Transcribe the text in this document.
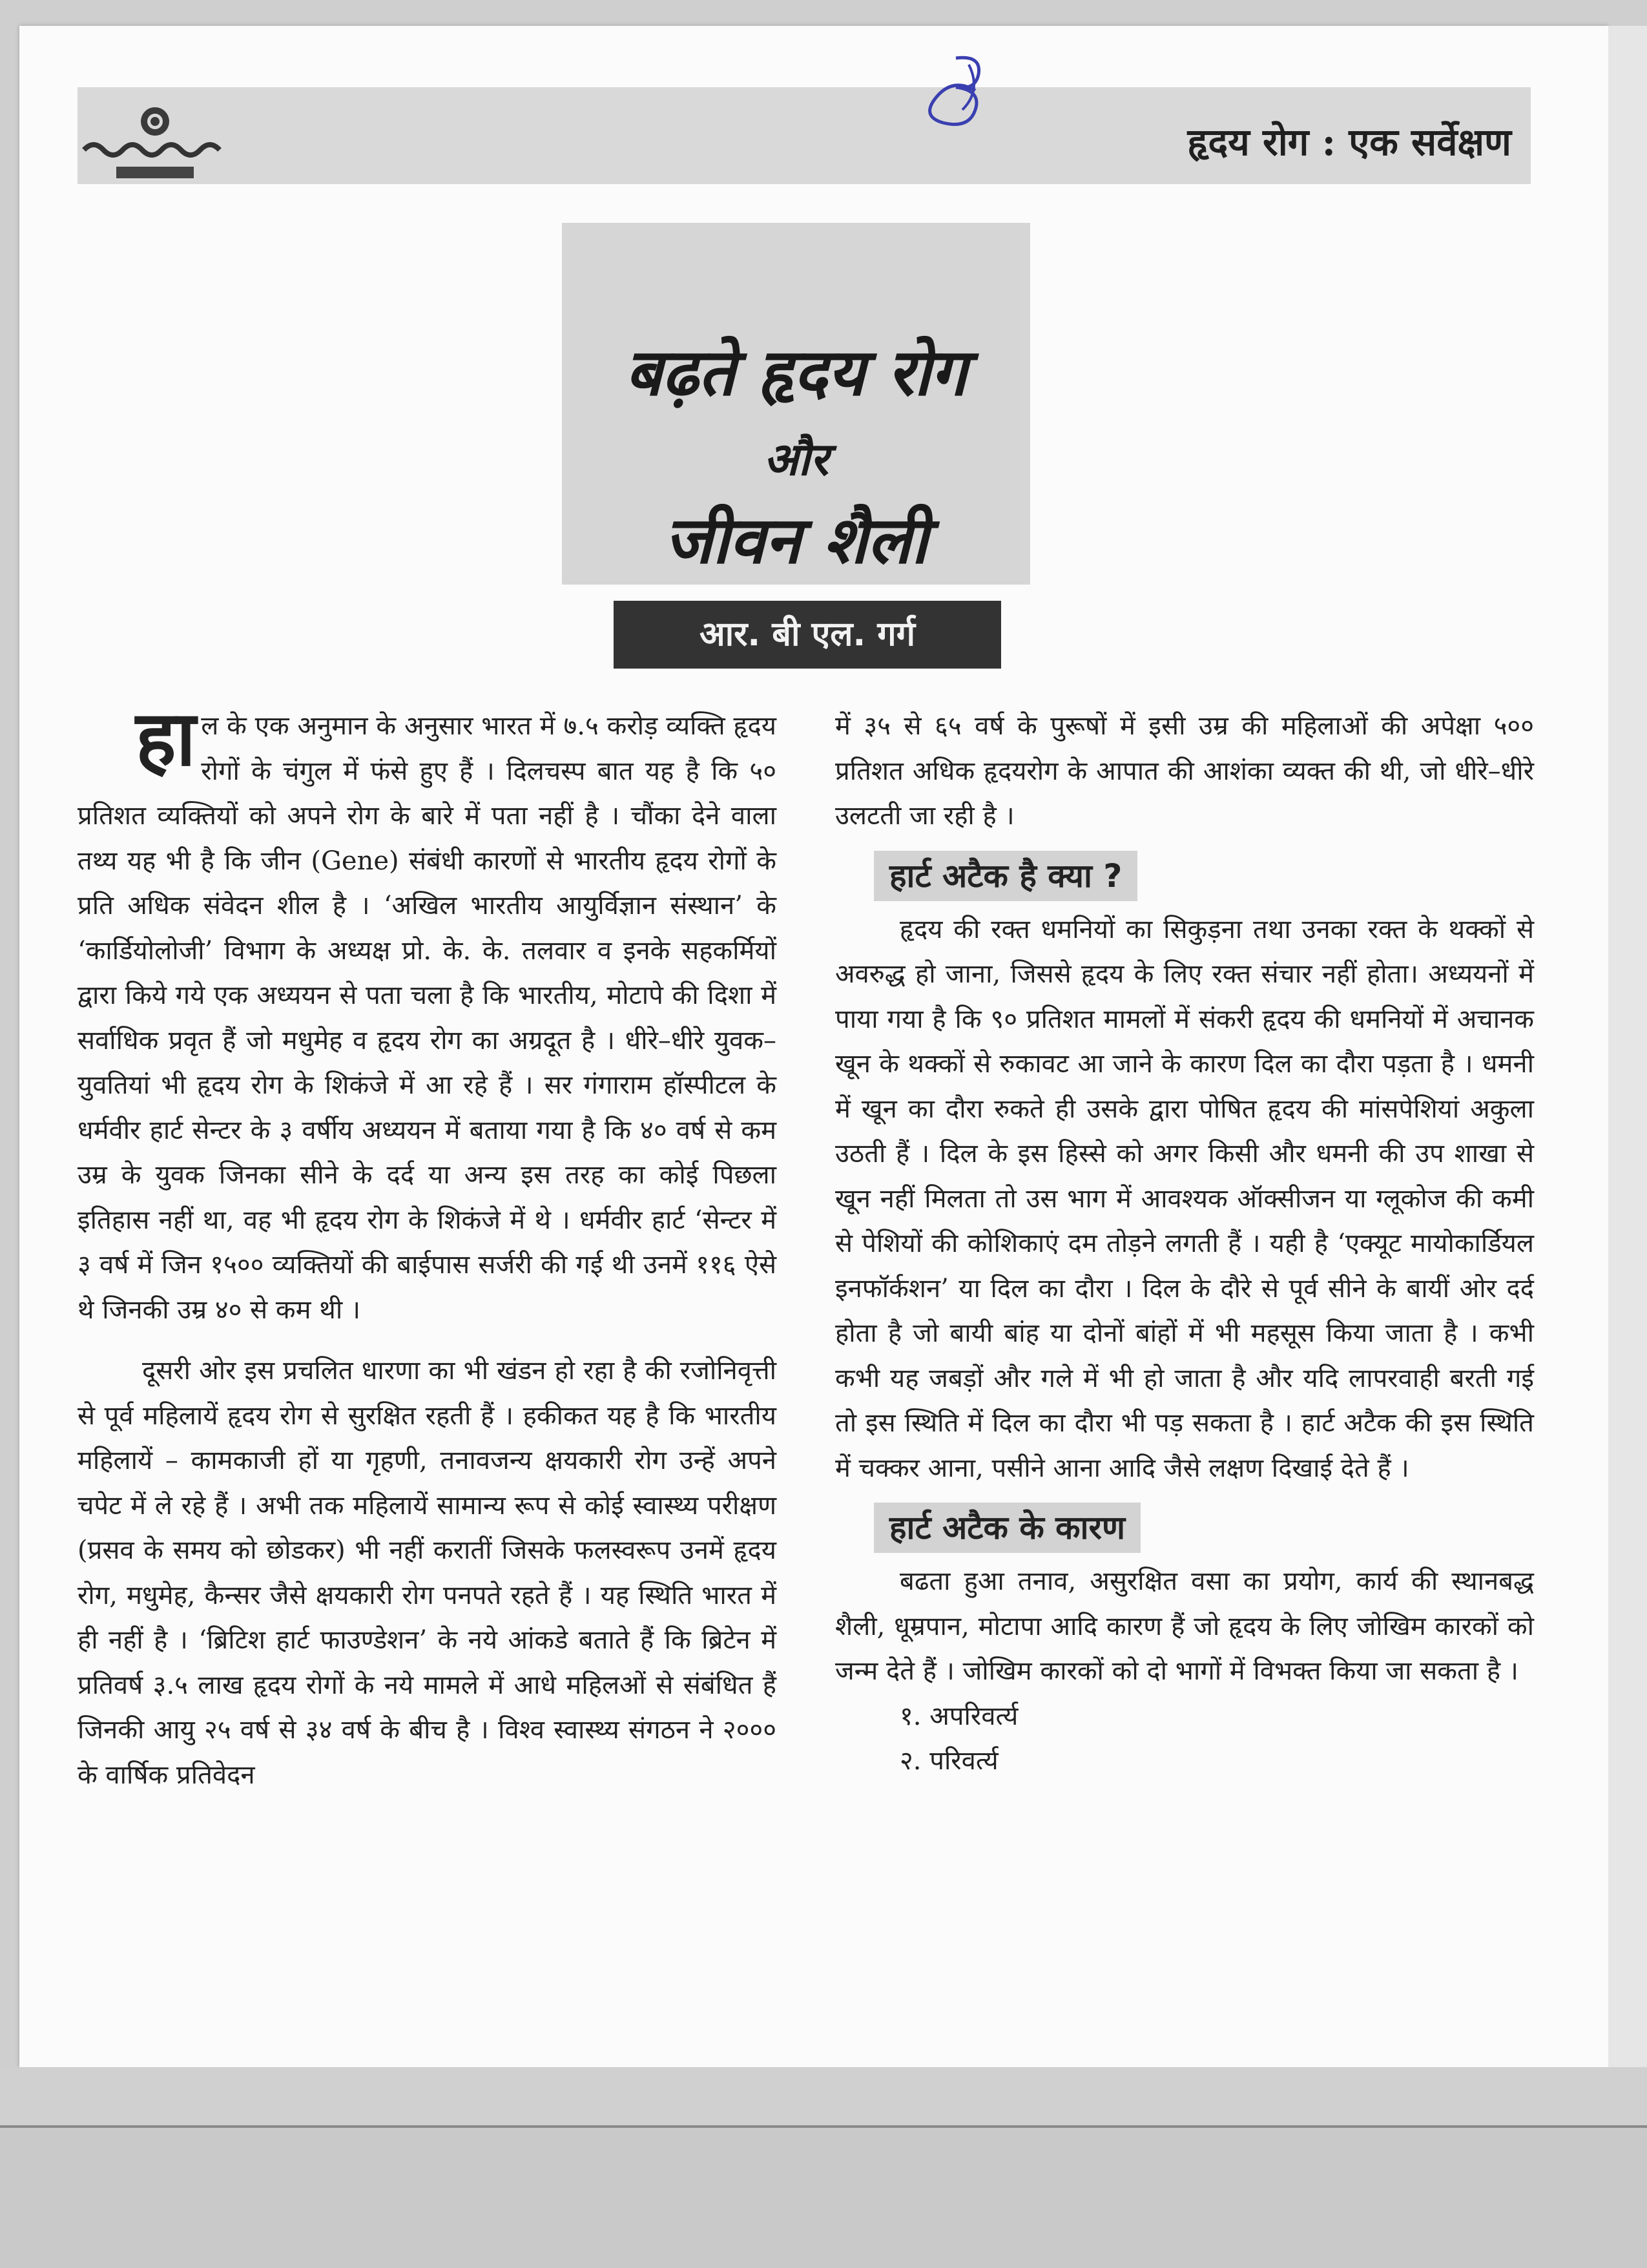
हृदय रोग : एक सर्वेक्षण
बढ़ते हृदय रोग
और
जीवन शैली
आर. बी एल. गर्ग

हाल के एक अनुमान के अनुसार भारत में ७.५ करोड़ व्यक्ति हृदय रोगों के चंगुल में फंसे हुए हैं । दिलचस्प बात यह है कि ५० प्रतिशत व्यक्तियों को अपने रोग के बारे में पता नहीं है । चौंका देने वाला तथ्य यह भी है कि जीन (Gene) संबंधी कारणों से भारतीय हृदय रोगों के प्रति अधिक संवेदन शील है । ‘अखिल भारतीय आयुर्विज्ञान संस्थान’ के ‘कार्डियोलोजी’ विभाग के अध्यक्ष प्रो. के. के. तलवार व इनके सहकर्मियों द्वारा किये गये एक अध्ययन से पता चला है कि भारतीय, मोटापे की दिशा में सर्वाधिक प्रवृत हैं जो मधुमेह व हृदय रोग का अग्रदूत है । धीरे–धीरे युवक–युवतियां भी हृदय रोग के शिकंजे में आ रहे हैं । सर गंगाराम हॉस्पीटल के धर्मवीर हार्ट सेन्टर के ३ वर्षीय अध्ययन में बताया गया है कि ४० वर्ष से कम उम्र के युवक जिनका सीने के दर्द या अन्य इस तरह का कोई पिछला इतिहास नहीं था, वह भी हृदय रोग के शिकंजे में थे । धर्मवीर हार्ट ‘सेन्टर में ३ वर्ष में जिन १५०० व्यक्तियों की बाईपास सर्जरी की गई थी उनमें ११६ ऐसे थे जिनकी उम्र ४० से कम थी ।

दूसरी ओर इस प्रचलित धारणा का भी खंडन हो रहा है की रजोनिवृत्ती से पूर्व महिलायें हृदय रोग से सुरक्षित रहती हैं । हकीकत यह है कि भारतीय महिलायें – कामकाजी हों या गृहणी, तनावजन्य क्षयकारी रोग उन्हें अपने चपेट में ले रहे हैं । अभी तक महिलायें सामान्य रूप से कोई स्वास्थ्य परीक्षण (प्रसव के समय को छोडकर) भी नहीं करातीं जिसके फलस्वरूप उनमें हृदय रोग, मधुमेह, कैन्सर जैसे क्षयकारी रोग पनपते रहते हैं । यह स्थिति भारत में ही नहीं है । ‘ब्रिटिश हार्ट फाउण्डेशन’ के नये आंकडे बताते हैं कि ब्रिटेन में प्रतिवर्ष ३.५ लाख हृदय रोगों के नये मामले में आधे महिलओं से संबंधित हैं जिनकी आयु २५ वर्ष से ३४ वर्ष के बीच है । विश्व स्वास्थ्य संगठन ने २००० के वार्षिक प्रतिवेदन

में ३५ से ६५ वर्ष के पुरूषों में इसी उम्र की महिलाओं की अपेक्षा ५०० प्रतिशत अधिक हृदयरोग के आपात की आशंका व्यक्त की थी, जो धीरे–धीरे उलटती जा रही है ।

हार्ट अटैक है क्या ?

हृदय की रक्त धमनियों का सिकुड़ना तथा उनका रक्त के थक्कों से अवरुद्ध हो जाना, जिससे हृदय के लिए रक्त संचार नहीं होता। अध्ययनों में पाया गया है कि ९० प्रतिशत मामलों में संकरी हृदय की धमनियों में अचानक खून के थक्कों से रुकावट आ जाने के कारण दिल का दौरा पड़ता है । धमनी में खून का दौरा रुकते ही उसके द्वारा पोषित हृदय की मांसपेशियां अकुला उठती हैं । दिल के इस हिस्से को अगर किसी और धमनी की उप शाखा से खून नहीं मिलता तो उस भाग में आवश्यक ऑक्सीजन या ग्लूकोज की कमी से पेशियों की कोशिकाएं दम तोड़ने लगती हैं । यही है ‘एक्यूट मायोकार्डियल इनफॉर्कशन’ या दिल का दौरा । दिल के दौरे से पूर्व सीने के बायीं ओर दर्द होता है जो बायी बांह या दोनों बांहों में भी महसूस किया जाता है । कभी कभी यह जबड़ों और गले में भी हो जाता है और यदि लापरवाही बरती गई तो इस स्थिति में दिल का दौरा भी पड़ सकता है । हार्ट अटैक की इस स्थिति में चक्कर आना, पसीने आना आदि जैसे लक्षण दिखाई देते हैं ।

हार्ट अटैक के कारण

बढता हुआ तनाव, असुरक्षित वसा का प्रयोग, कार्य की स्थानबद्ध शैली, धूम्रपान, मोटापा आदि कारण हैं जो हृदय के लिए जोखिम कारकों को जन्म देते हैं । जोखिम कारकों को दो भागों में विभक्त किया जा सकता है ।

१. अपरिवर्त्य

२. परिवर्त्य
